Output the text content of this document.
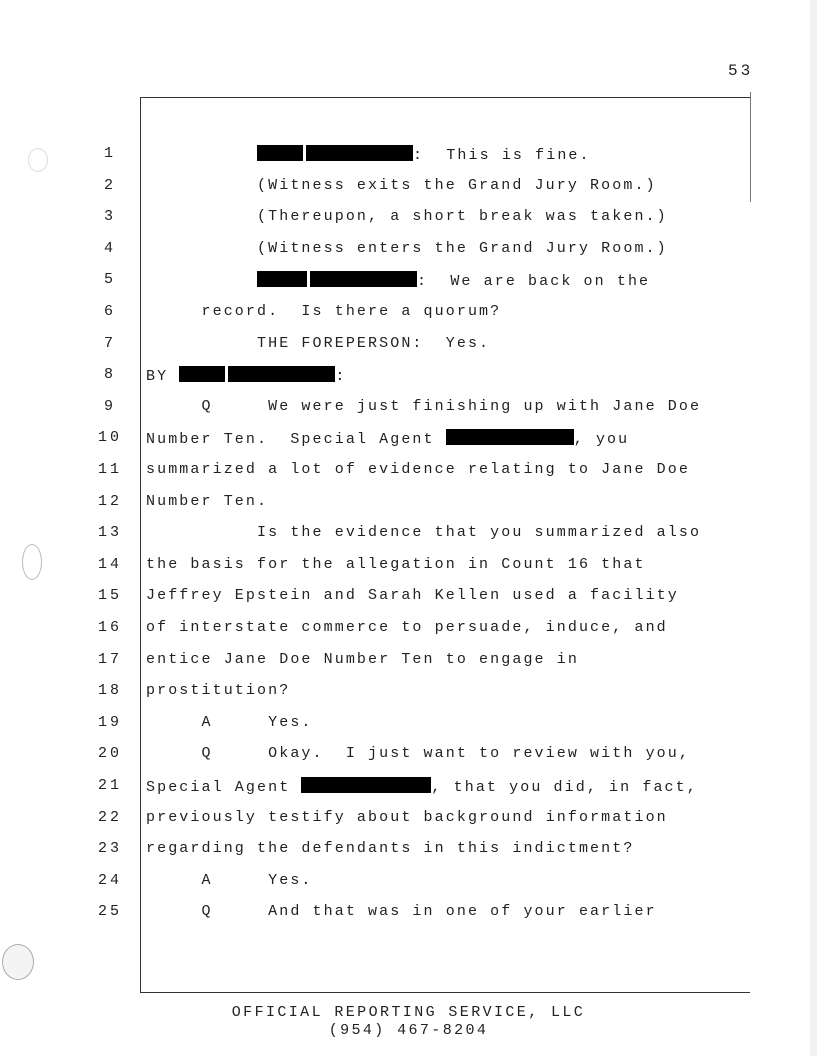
53
1
	:  This is fine.
2	(Witness exits the Grand Jury Room.)
3	(Thereupon, a short break was taken.)
4	(Witness enters the Grand Jury Room.)
5
	:  We are back on the
6	record.  Is there a quorum?
7	THE FOREPERSON:  Yes.
8	BY	:
9	Q     We were just finishing up with Jane Doe
10	Number Ten.  Special Agent	, you
11	summarized a lot of evidence relating to Jane Doe
12	Number Ten.
13	Is the evidence that you summarized also
14	the basis for the allegation in Count 16 that
15	Jeffrey Epstein and Sarah Kellen used a facility
16	of interstate commerce to persuade, induce, and
17	entice Jane Doe Number Ten to engage in
18	prostitution?
19	A     Yes.
20	Q     Okay.  I just want to review with you,
21	Special Agent	, that you did, in fact,
22	previously testify about background information
23	regarding the defendants in this indictment?
24	A     Yes.
25	Q     And that was in one of your earlier
OFFICIAL REPORTING SERVICE, LLC
(954) 467-8204
